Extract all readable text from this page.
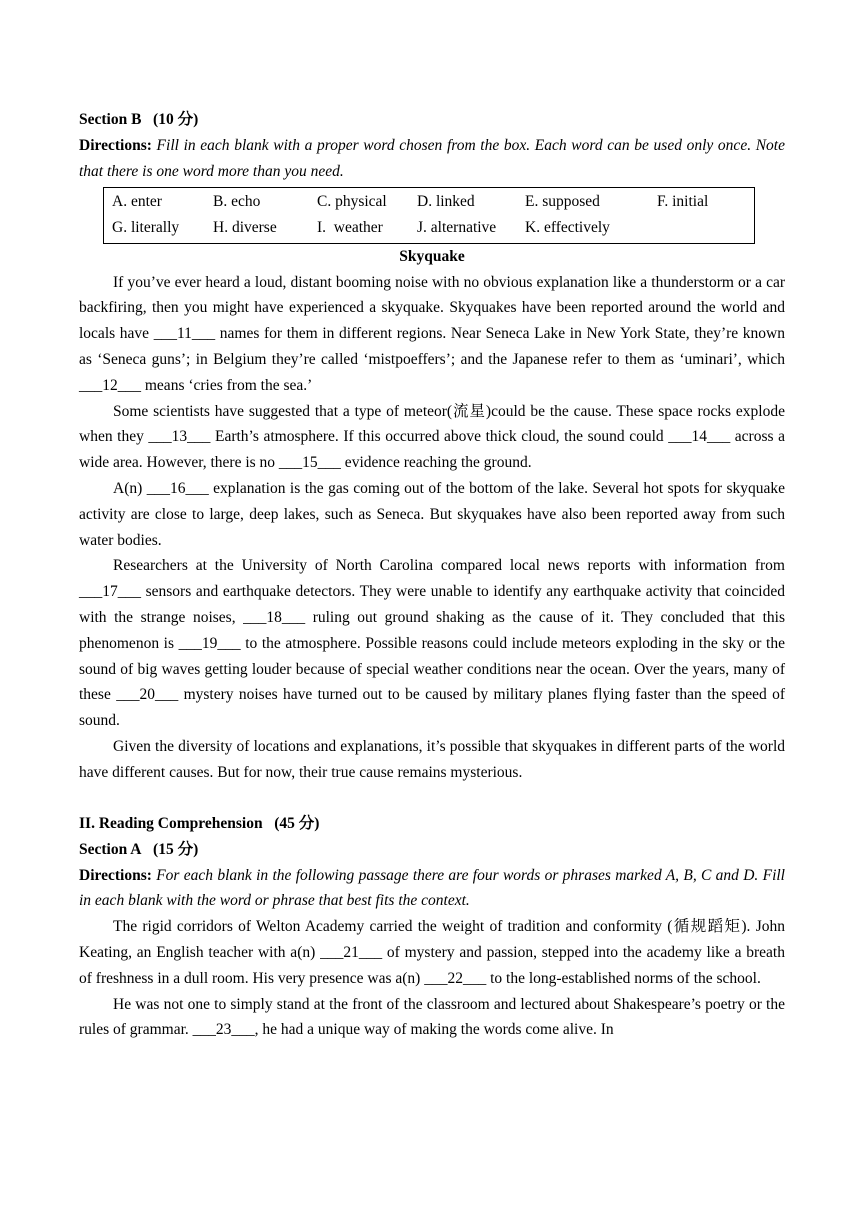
Section B   (10 分)

Directions: Fill in each blank with a proper word chosen from the box. Each word can be used only once. Note that there is one word more than you need.

A. enter	B. echo	C. physical	D. linked	E. supposed	F. initial
G. literally	H. diverse	I.  weather	J. alternative	K. effectively	
Skyquake

If you’ve ever heard a loud, distant booming noise with no obvious explanation like a thunderstorm or a car backfiring, then you might have experienced a skyquake. Skyquakes have been reported around the world and locals have ___11___ names for them in different regions. Near Seneca Lake in New York State, they’re known as ‘Seneca guns’; in Belgium they’re called ‘mistpoeffers’; and the Japanese refer to them as ‘uminari’, which ___12___ means ‘cries from the sea.’

Some scientists have suggested that a type of meteor(流星)could be the cause. These space rocks explode when they ___13___ Earth’s atmosphere. If this occurred above thick cloud, the sound could ___14___ across a wide area. However, there is no ___15___ evidence reaching the ground.

A(n) ___16___ explanation is the gas coming out of the bottom of the lake. Several hot spots for skyquake activity are close to large, deep lakes, such as Seneca. But skyquakes have also been reported away from such water bodies.

Researchers at the University of North Carolina compared local news reports with information from ___17___ sensors and earthquake detectors. They were unable to identify any earthquake activity that coincided with the strange noises, ___18___ ruling out ground shaking as the cause of it. They concluded that this phenomenon is ___19___ to the atmosphere. Possible reasons could include meteors exploding in the sky or the sound of big waves getting louder because of special weather conditions near the ocean. Over the years, many of these ___20___ mystery noises have turned out to be caused by military planes flying faster than the speed of sound.

Given the diversity of locations and explanations, it’s possible that skyquakes in different parts of the world have different causes. But for now, their true cause remains mysterious.

II. Reading Comprehension   (45 分)
Section A   (15 分)

Directions: For each blank in the following passage there are four words or phrases marked A, B, C and D. Fill in each blank with the word or phrase that best fits the context.

The rigid corridors of Welton Academy carried the weight of tradition and conformity (循规蹈矩). John Keating, an English teacher with a(n) ___21___ of mystery and passion, stepped into the academy like a breath of freshness in a dull room. His very presence was a(n) ___22___ to the long-established norms of the school.

He was not one to simply stand at the front of the classroom and lectured about Shakespeare’s poetry or the rules of grammar. ___23___, he had a unique way of making the words come alive. In
